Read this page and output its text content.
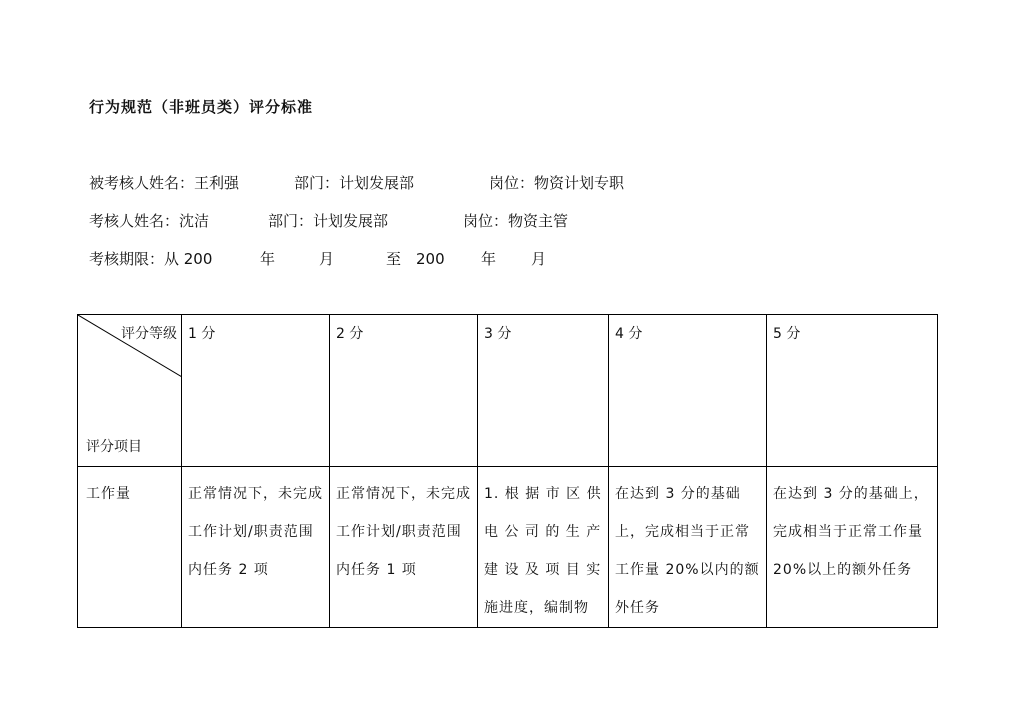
行为规范（非班员类）评分标准
被考核人姓名：王利强	部门：计划发展部	岗位：物资计划专职
考核人姓名：沈洁	部门：计划发展部	岗位：物资主管
考核期限：从 200	年	月	至　200 年 月
评分等级
评分项目	1 分	2 分	3 分	4 分	5 分
工作量	正常情况下，未完成工作计划/职责范围内任务 2 项	正常情况下，未完成工作计划/职责范围内任务 1 项	1. 根 据 市 区 供 电 公 司 的 生 产 建 设 及 项 目 实 施进度，编制物	在达到 3 分的基础上，完成相当于正常工作量 20%以内的额外任务	在达到 3 分的基础上，完成相当于正常工作量 20%以上的额外任务
